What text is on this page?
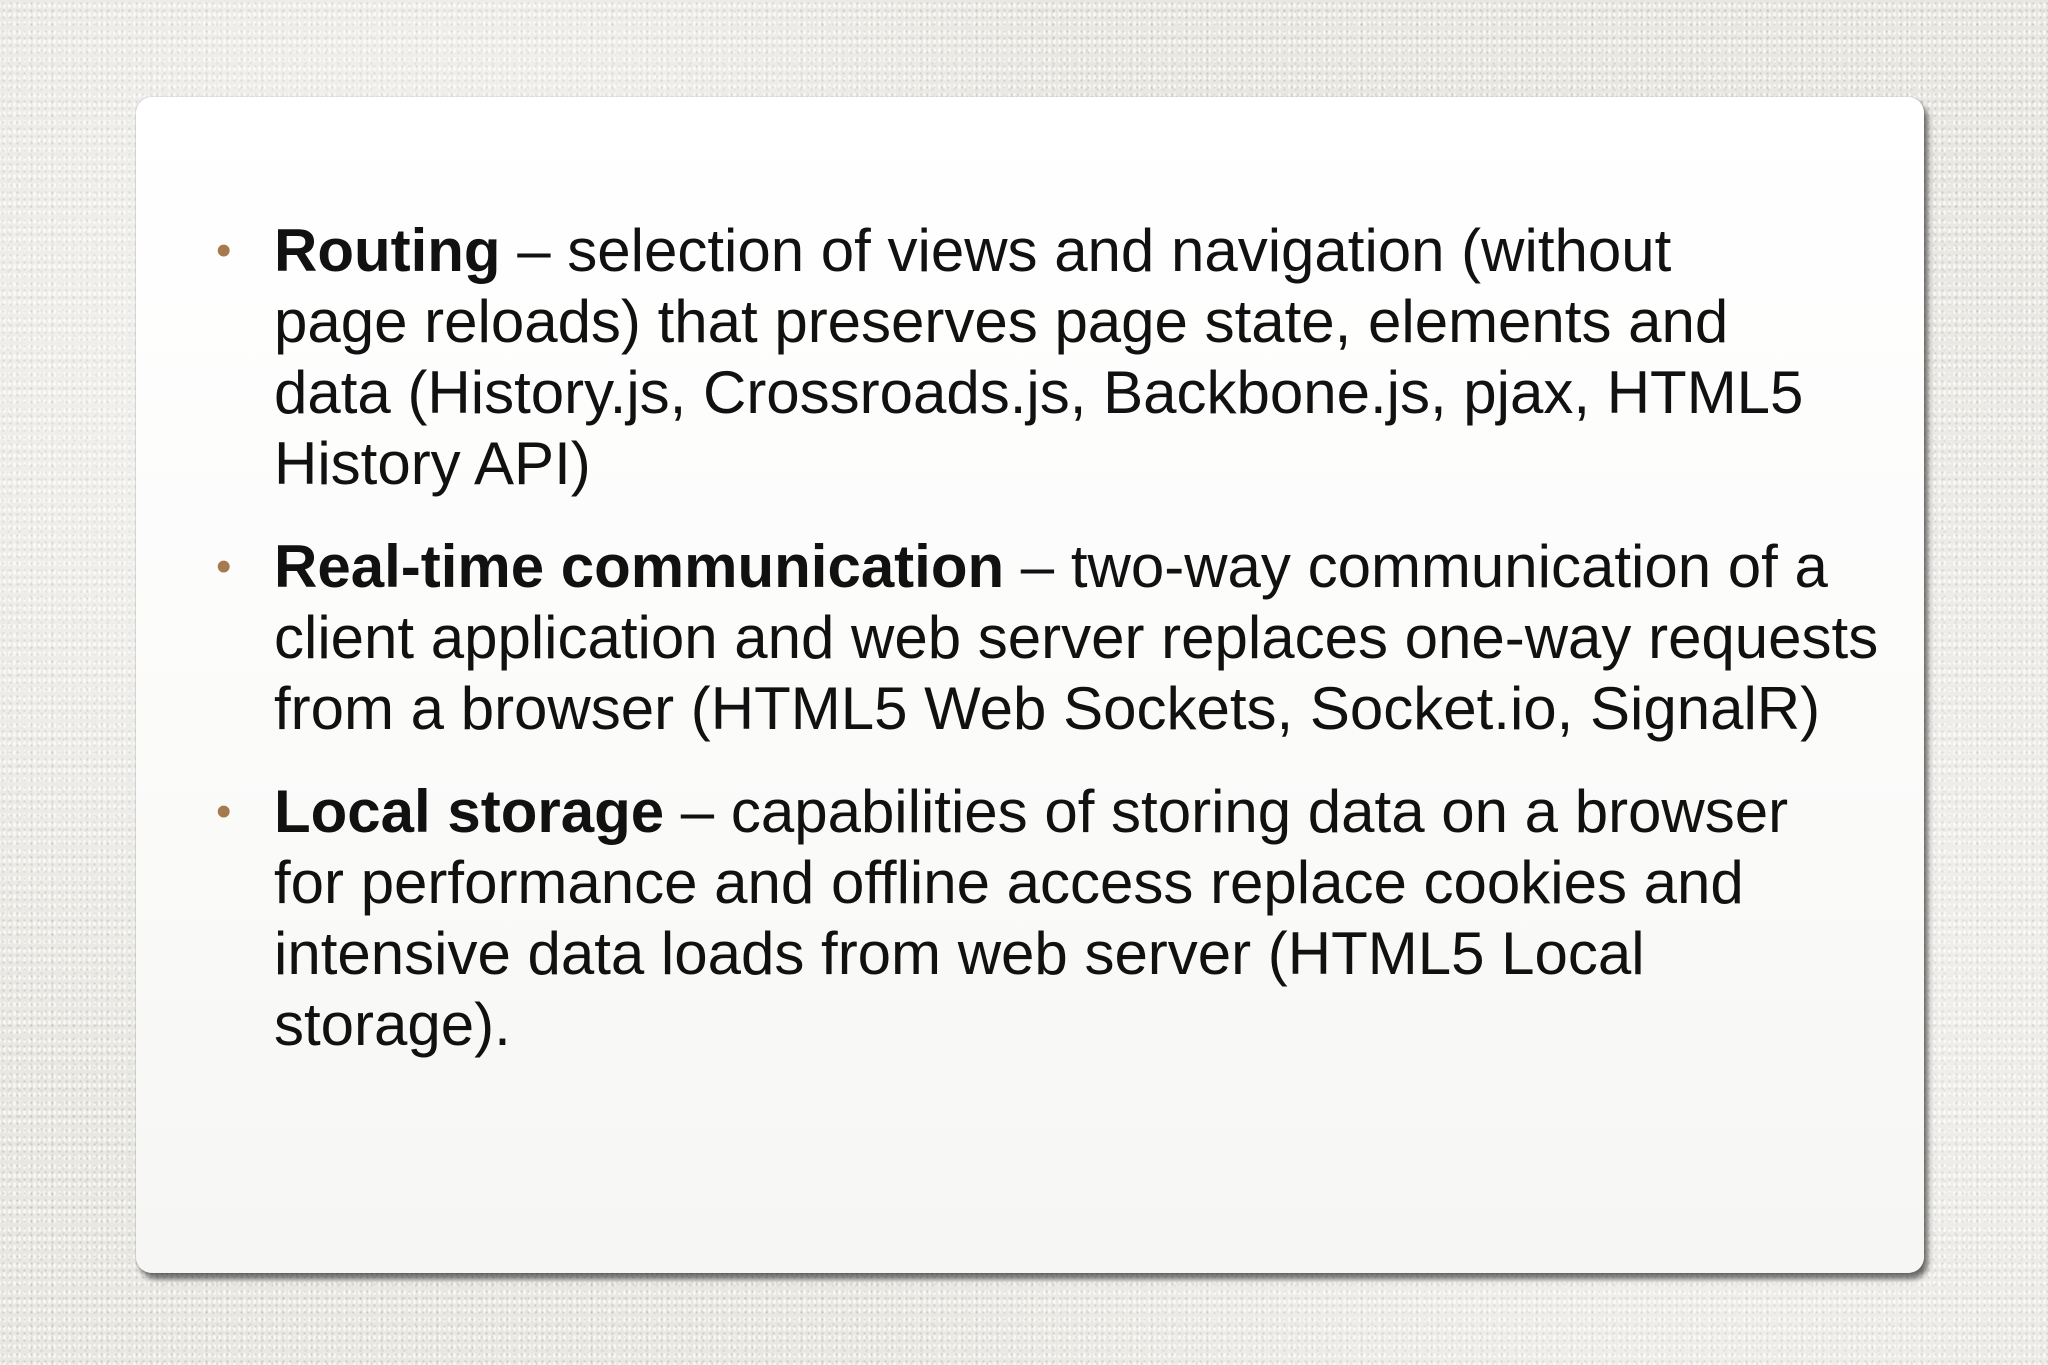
• Routing – selection of views and navigation (without page reloads) that preserves page state, elements and data (History.js, Crossroads.js, Backbone.js, pjax, HTML5 History API)
• Real-time communication – two-way communication of a client application and web server replaces one-way requests from a browser (HTML5 Web Sockets, Socket.io, SignalR)
• Local storage – capabilities of storing data on a browser for performance and offline access replace cookies and intensive data loads from web server (HTML5 Local storage).
